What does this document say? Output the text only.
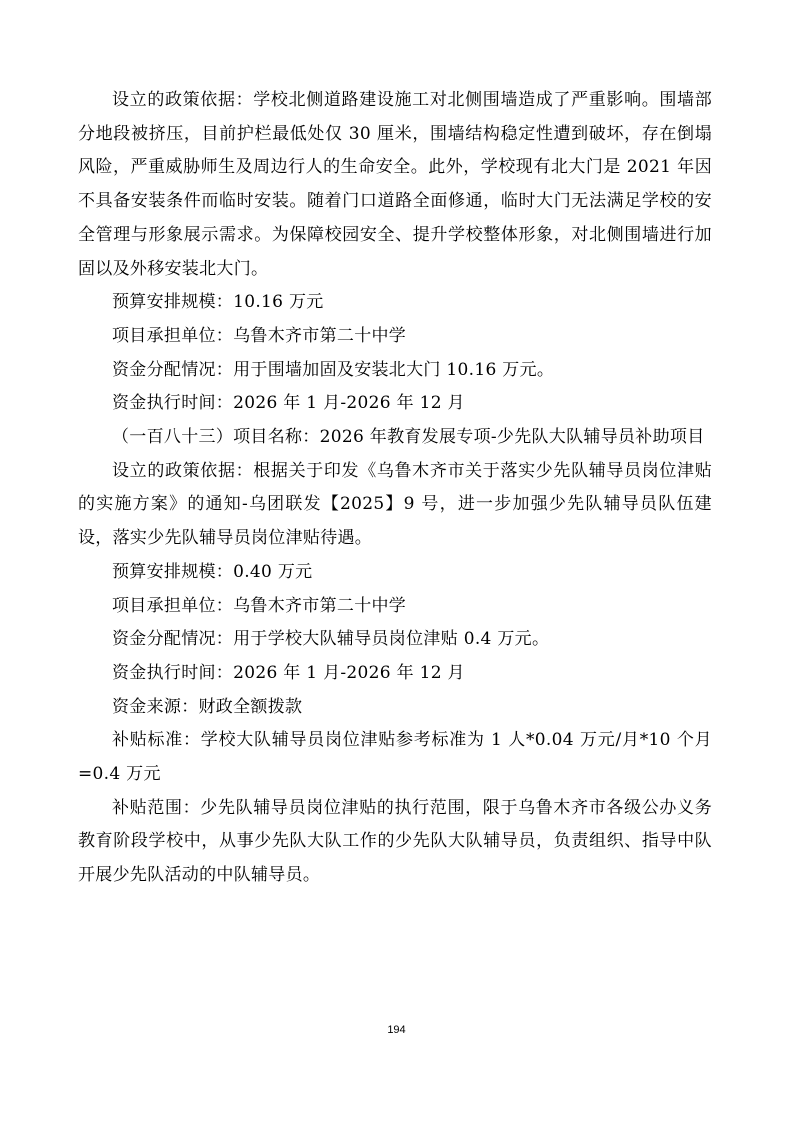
设立的政策依据：学校北侧道路建设施工对北侧围墙造成了严重影响。围墙部分地段被挤压，目前护栏最低处仅 30 厘米，围墙结构稳定性遭到破坏，存在倒塌风险，严重威胁师生及周边行人的生命安全。此外，学校现有北大门是 2021 年因不具备安装条件而临时安装。随着门口道路全面修通，临时大门无法满足学校的安全管理与形象展示需求。为保障校园安全、提升学校整体形象，对北侧围墙进行加固以及外移安装北大门。

预算安排规模：10.16 万元

项目承担单位：乌鲁木齐市第二十中学

资金分配情况：用于围墙加固及安装北大门 10.16 万元。

资金执行时间：2026 年 1 月-2026 年 12 月

（一百八十三）项目名称：2026 年教育发展专项-少先队大队辅导员补助项目

设立的政策依据：根据关于印发《乌鲁木齐市关于落实少先队辅导员岗位津贴的实施方案》的通知-乌团联发【2025】9 号，进一步加强少先队辅导员队伍建设，落实少先队辅导员岗位津贴待遇。

预算安排规模：0.40 万元

项目承担单位：乌鲁木齐市第二十中学

资金分配情况：用于学校大队辅导员岗位津贴 0.4 万元。

资金执行时间：2026 年 1 月-2026 年 12 月

资金来源：财政全额拨款

补贴标准：学校大队辅导员岗位津贴参考标准为 1 人*0.04 万元/月*10 个月=0.4 万元

补贴范围：少先队辅导员岗位津贴的执行范围，限于乌鲁木齐市各级公办义务教育阶段学校中，从事少先队大队工作的少先队大队辅导员，负责组织、指导中队开展少先队活动的中队辅导员。

194
